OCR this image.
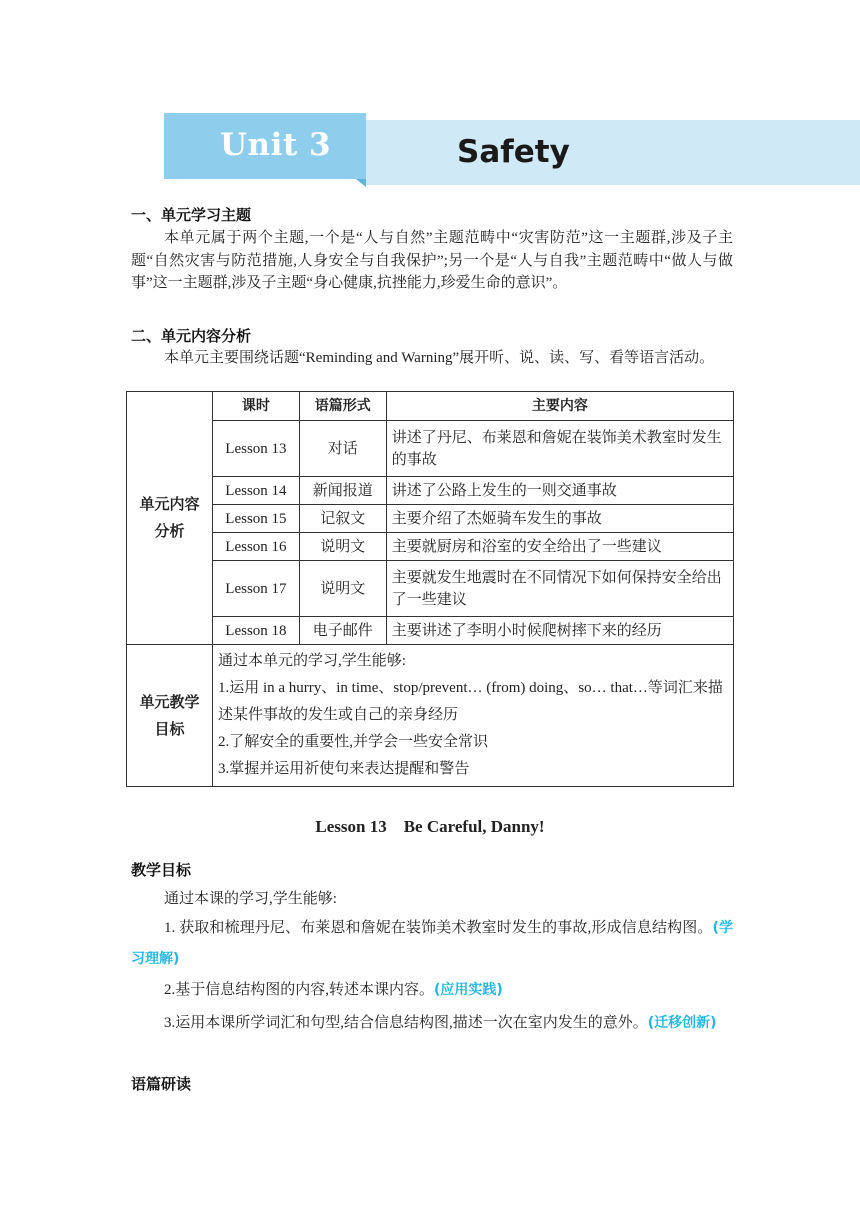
Unit 3	Safety
一、单元学习主题
本单元属于两个主题,一个是“人与自然”主题范畴中“灾害防范”这一主题群,涉及子主题“自然灾害与防范措施,人身安全与自我保护”;另一个是“人与自我”主题范畴中“做人与做事”这一主题群,涉及子主题“身心健康,抗挫能力,珍爱生命的意识”。
二、单元内容分析
本单元主要围绕话题“Reminding and Warning”展开听、说、读、写、看等语言活动。
单元内容分析	课时	语篇形式	主要内容
	Lesson 13	对话	讲述了丹尼、布莱恩和詹妮在装饰美术教室时发生的事故
	Lesson 14	新闻报道	讲述了公路上发生的一则交通事故
	Lesson 15	记叙文	主要介绍了杰姬骑车发生的事故
	Lesson 16	说明文	主要就厨房和浴室的安全给出了一些建议
	Lesson 17	说明文	主要就发生地震时在不同情况下如何保持安全给出了一些建议
	Lesson 18	电子邮件	主要讲述了李明小时候爬树摔下来的经历

单元教学目标	通过本单元的学习,学生能够:
1.运用 in a hurry、in time、stop/prevent… (from) doing、so… that…等词汇来描述某件事故的发生或自己的亲身经历
2.了解安全的重要性,并学会一些安全常识
3.掌握并运用祈使句来表达提醒和警告		
Lesson 13    Be Careful, Danny!
教学目标
通过本课的学习,学生能够:
1. 获取和梳理丹尼、布莱恩和詹妮在装饰美术教室时发生的事故,形成信息结构图。(学习理解)
2.基于信息结构图的内容,转述本课内容。(应用实践)
3.运用本课所学词汇和句型,结合信息结构图,描述一次在室内发生的意外。(迁移创新)
语篇研读
